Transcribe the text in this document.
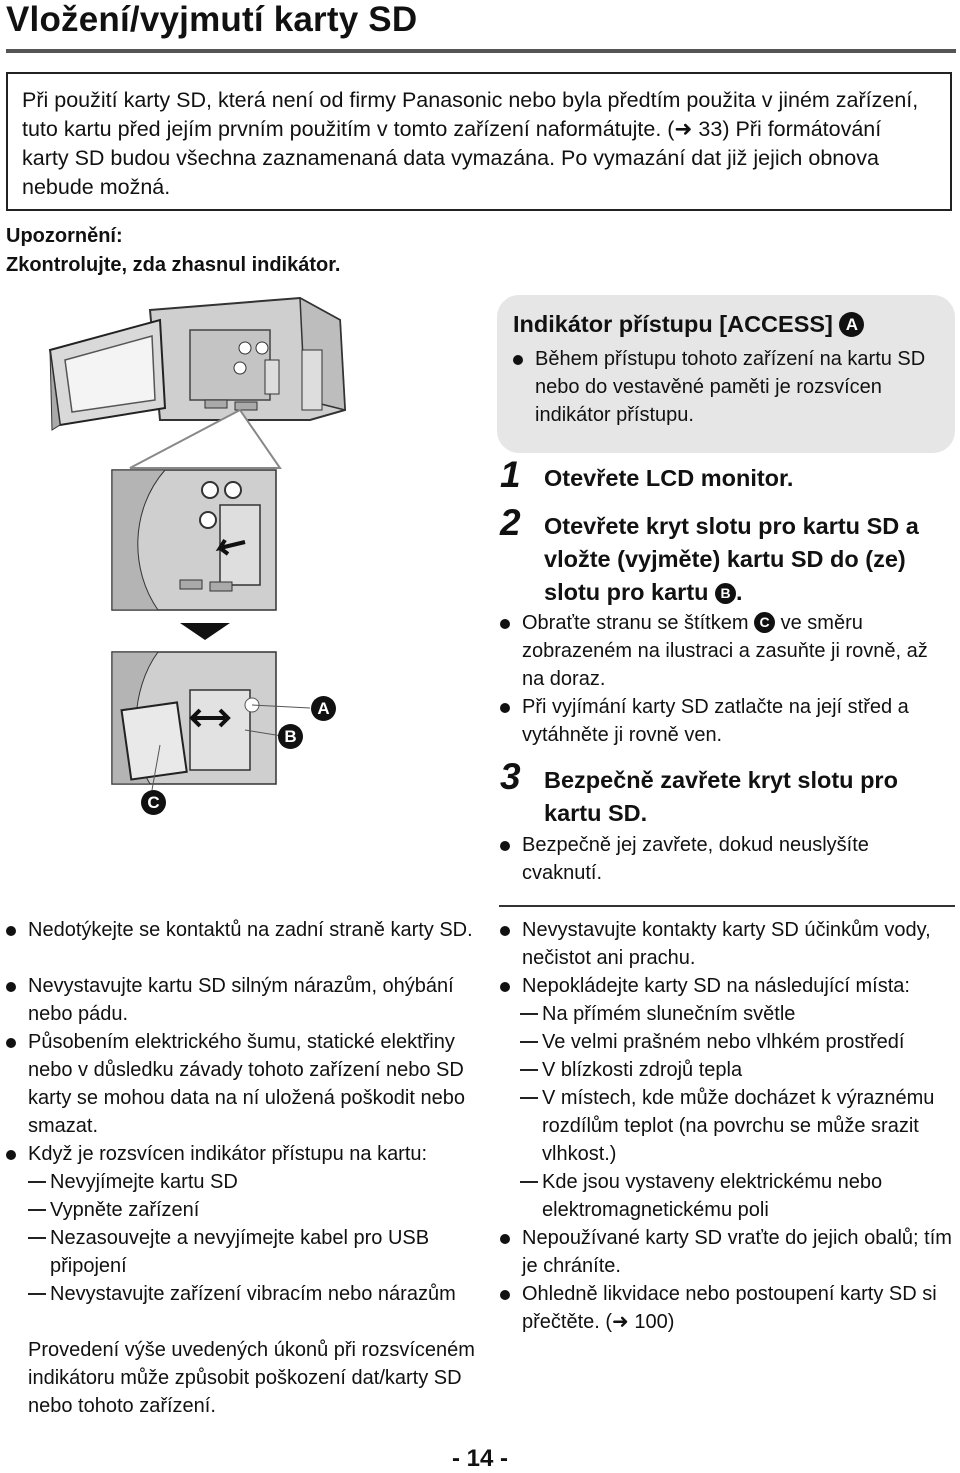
Vložení/vyjmutí karty SD

Při použití karty SD, která není od firmy Panasonic nebo byla předtím použita v jiném zařízení, tuto kartu před jejím prvním použitím v tomto zařízení naformátujte. (➜ 33) Při formátování karty SD budou všechna zaznamenaná data vymazána. Po vymazání dat již jejich obnova nebude možná.

Upozornění:
Zkontrolujte, zda zhasnul indikátor.
A
B
C
Indikátor přístupu [ACCESS] A
Během přístupu tohoto zařízení na kartu SD nebo do vestavěné paměti je rozsvícen indikátor přístupu.
1 Otevřete LCD monitor.
2 Otevřete kryt slotu pro kartu SD a vložte (vyjměte) kartu SD do (ze) slotu pro kartu B .
Obraťte stranu se štítkem C ve směru zobrazeném na ilustraci a zasuňte ji rovně, až na doraz.
Při vyjímání karty SD zatlačte na její střed a vytáhněte ji rovně ven.
3 Bezpečně zavřete kryt slotu pro kartu SD.
Bezpečně jej zavřete, dokud neuslyšíte cvaknutí.
Nedotýkejte se kontaktů na zadní straně karty SD.
Nevystavujte kartu SD silným nárazům, ohýbání nebo pádu.
Působením elektrického šumu, statické elektřiny nebo v důsledku závady tohoto zařízení nebo SD karty se mohou data na ní uložená poškodit nebo smazat.
Když je rozsvícen indikátor přístupu na kartu:
Nevyjímejte kartu SD
Vypněte zařízení
Nezasouvejte a nevyjímejte kabel pro USB připojení
Nevystavujte zařízení vibracím nebo nárazům
Provedení výše uvedených úkonů při rozsvíceném indikátoru může způsobit poškození dat/karty SD nebo tohoto zařízení.
Nevystavujte kontakty karty SD účinkům vody, nečistot ani prachu.
Nepokládejte karty SD na následující místa:
Na přímém slunečním světle
Ve velmi prašném nebo vlhkém prostředí
V blízkosti zdrojů tepla
V místech, kde může docházet k výraznému rozdílům teplot (na povrchu se může srazit vlhkost.)
Kde jsou vystaveny elektrickému nebo elektromagnetickému poli
Nepoužívané karty SD vraťte do jejich obalů; tím je chráníte.
Ohledně likvidace nebo postoupení karty SD si přečtěte. (➜ 100)
- 14 -
